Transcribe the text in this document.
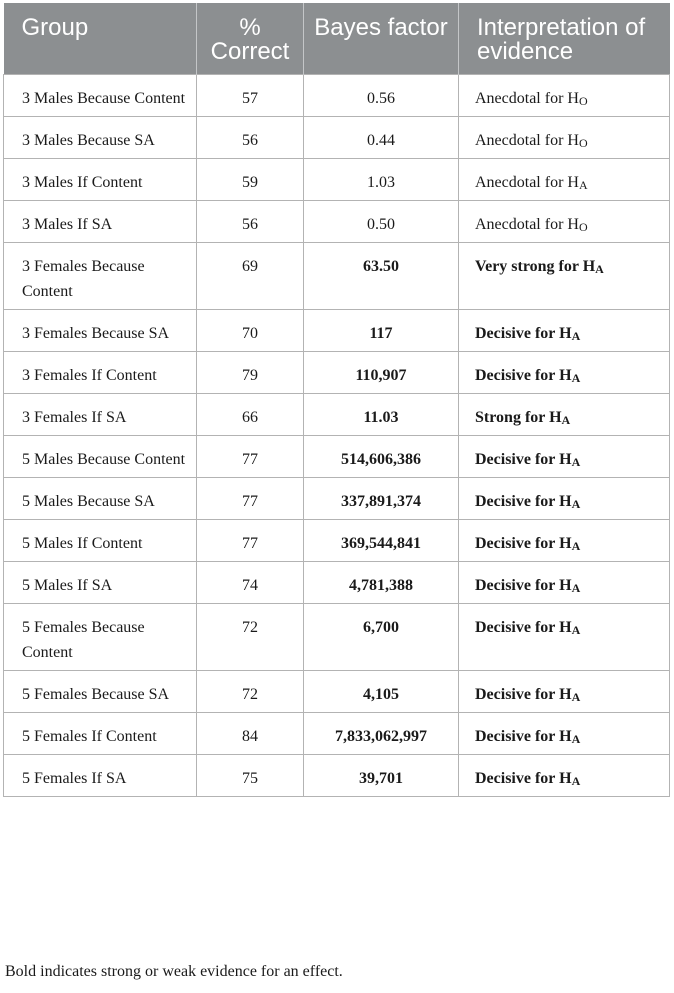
Group	% Correct	Bayes factor	Interpretation of evidence
3 Males Because Content	57	0.56	Anecdotal for $H_O$
3 Males Because SA	56	0.44	Anecdotal for $H_O$
3 Males If Content	59	1.03	Anecdotal for $H_A$
3 Males If SA	56	0.50	Anecdotal for $H_O$
3 Females Because Content	69	63.50	Very strong for $H_A$
3 Females Because SA	70	117	Decisive for $H_A$
3 Females If Content	79	110,907	Decisive for $H_A$
3 Females If SA	66	11.03	Strong for $H_A$
5 Males Because Content	77	514,606,386	Decisive for $H_A$
5 Males Because SA	77	337,891,374	Decisive for $H_A$
5 Males If Content	77	369,544,841	Decisive for $H_A$
5 Males If SA	74	4,781,388	Decisive for $H_A$
5 Females Because Content	72	6,700	Decisive for $H_A$
5 Females Because SA	72	4,105	Decisive for $H_A$
5 Females If Content	84	7,833,062,997	Decisive for $H_A$
5 Females If SA	75	39,701	Decisive for $H_A$
Bold indicates strong or weak evidence for an effect.
